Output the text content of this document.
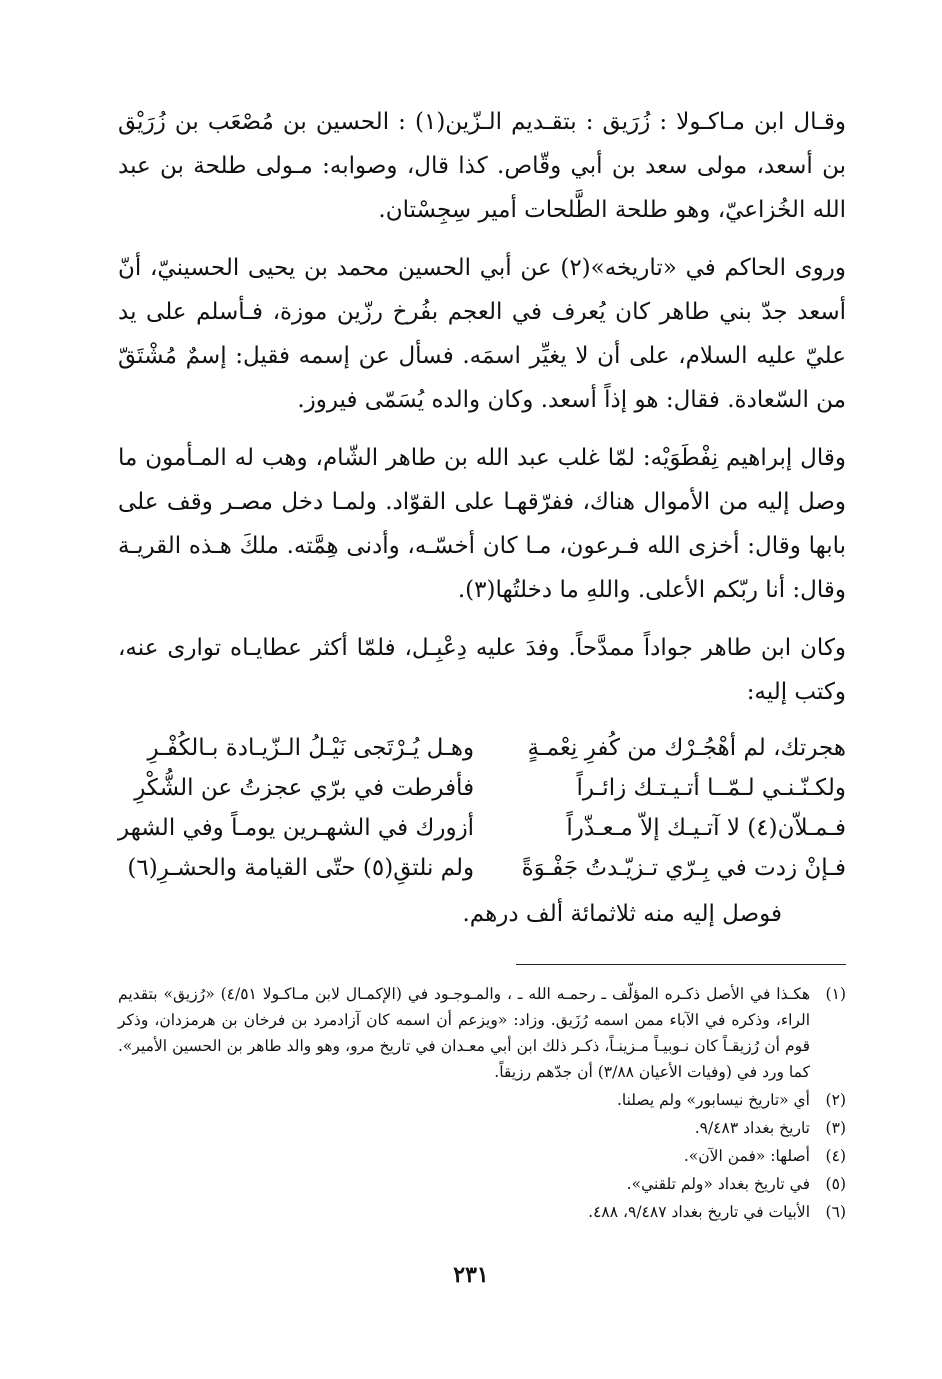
وقـال ابن مـاكـولا : زُرَيق : بتقـديم الـزّين(١) : الحسين بن مُصْعَب بن زُرَيْق بن أسعد، مولى سعد بن أبي وقّاص. كذا قال، وصوابه: مـولى طلحة بن عبد الله الخُزاعيّ، وهو طلحة الطَّلحات أمير سِجِسْتان.

وروى الحاكم في «تاريخه»(٢) عن أبي الحسين محمد بن يحيى الحسينيّ، أنّ أسعد جدّ بني طاهر كان يُعرف في العجم بفُرخ رزّين موزة، فـأسلم على يد عليّ عليه السلام، على أن لا يغيِّر اسمَه. فسأل عن إسمه فقيل: إسمٌ مُشْتَقّ من السّعادة. فقال: هو إذاً أسعد. وكان والده يُسَمّى فيروز.

وقال إبراهيم نِفْطَوَيْه: لمّا غلب عبد الله بن طاهر الشّام، وهب له المـأمون ما وصل إليه من الأموال هناك، ففرّقهـا على القوّاد. ولمـا دخل مصـر وقف على بابها وقال: أخزى الله فـرعون، مـا كان أخسّـه، وأدنى هِمَّته. ملكَ هـذه القريـة وقال: أنا ربّكم الأعلى. واللهِ ما دخلتُها(٣).

وكان ابن طاهر جواداً ممدَّحاً. وفدَ عليه دِعْبِـل، فلمّا أكثر عطايـاه توارى عنه، وكتب إليه:

هجرتك، لم أهْجُـرْك من كُفرِ نِعْمـةٍ
وهـل يُـرْتَجى نَيْـلُ الـزّيـادة بـالكُفْـرِ
ولكـنّـنـي لـمّــا أتـيـتـك زائـراً
فأفرطت في برّي عجزتُ عن الشُّكْرِ
فـمـلاّن(٤) لا آتـيـك إلاّ مـعـذّراً
أزورك في الشهـرين يومـاً وفي الشهر
فـإنْ زدت في بِـرّي تـزيّـدتُ جَفْـوَةً
ولم نلتقِ(٥) حتّى القيامة والحشـرِ(٦)
فوصل إليه منه ثلاثمائة ألف درهم.
(١)
هكـذا في الأصل ذكـره المؤلّف ـ رحمـه الله ـ ، والمـوجـود في (الإكمـال لابن مـاكـولا ٤/٥١) «رُزيق» بتقديم الراء، وذكره في الآباء ممن اسمه رُزَيق. وزاد: «ويزعم أن اسمه كان آزادمرد بن فرخان بن هرمزدان، وذكر قوم أن رُزيقـاً كان نـوبيـاً مـزينـاً، ذكـر ذلك ابن أبي معـدان في تاريخ مرو، وهو والد طاهر بن الحسين الأمير». كما ورد في (وفيات الأعيان ٣/٨٨) أن جدّهم رزيقاً.
(٢)
أي «تاريخ نيسابور» ولم يصلنا.
(٣)
تاريخ بغداد ٩/٤٨٣.
(٤)
أصلها: «فمن الآن».
(٥)
في تاريخ بغداد «ولم تلقني».
(٦)
الأبيات في تاريخ بغداد ٩/٤٨٧، ٤٨٨.
٢٣١
